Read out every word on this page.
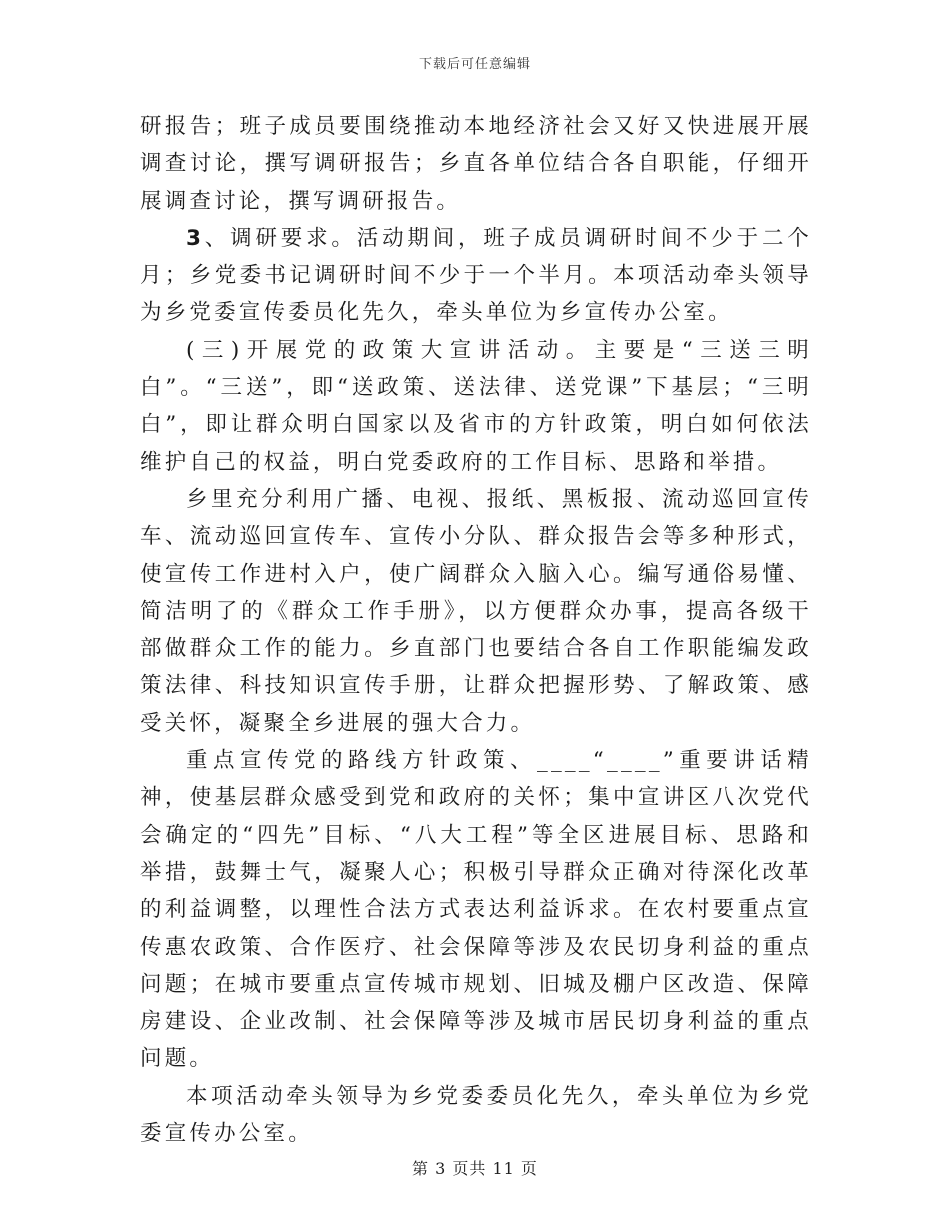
下载后可任意编辑

研报告；班子成员要围绕推动本地经济社会又好又快进展开展调查讨论，撰写调研报告；乡直各单位结合各自职能，仔细开展调查讨论，撰写调研报告。

3、调研要求。活动期间，班子成员调研时间不少于二个月；乡党委书记调研时间不少于一个半月。本项活动牵头领导为乡党委宣传委员化先久，牵头单位为乡宣传办公室。

(三)开展党的政策大宣讲活动。主要是“三送三明白”。“三送”，即“送政策、送法律、送党课”下基层；“三明白”，即让群众明白国家以及省市的方针政策，明白如何依法维护自己的权益，明白党委政府的工作目标、思路和举措。

乡里充分利用广播、电视、报纸、黑板报、流动巡回宣传车、流动巡回宣传车、宣传小分队、群众报告会等多种形式，使宣传工作进村入户，使广阔群众入脑入心。编写通俗易懂、简洁明了的《群众工作手册》，以方便群众办事，提高各级干部做群众工作的能力。乡直部门也要结合各自工作职能编发政策法律、科技知识宣传手册，让群众把握形势、了解政策、感受关怀，凝聚全乡进展的强大合力。

重点宣传党的路线方针政策、____“____”重要讲话精神，使基层群众感受到党和政府的关怀；集中宣讲区八次党代会确定的“四先”目标、“八大工程”等全区进展目标、思路和举措，鼓舞士气，凝聚人心；积极引导群众正确对待深化改革的利益调整，以理性合法方式表达利益诉求。在农村要重点宣传惠农政策、合作医疗、社会保障等涉及农民切身利益的重点问题；在城市要重点宣传城市规划、旧城及棚户区改造、保障房建设、企业改制、社会保障等涉及城市居民切身利益的重点问题。

本项活动牵头领导为乡党委委员化先久，牵头单位为乡党委宣传办公室。

第 3 页共 11 页
